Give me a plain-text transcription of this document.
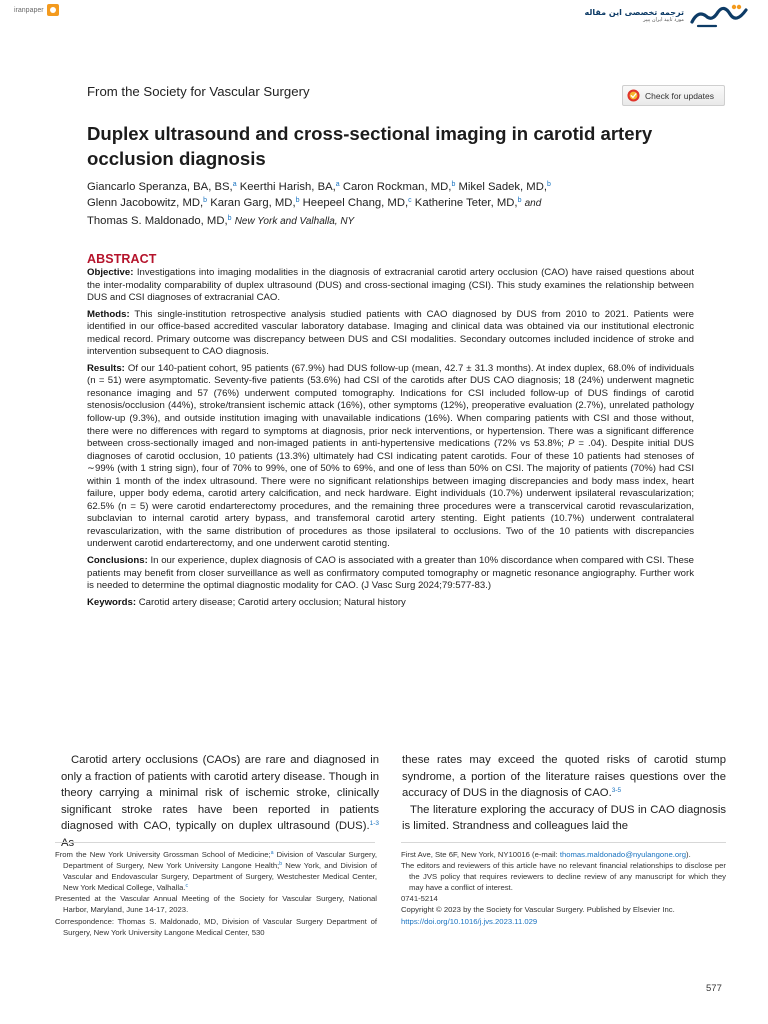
iranpaper	ترجمه تخصصی این مقاله
مورد تایید ایران پیپر
From the Society for Vascular Surgery	Check for updates
Duplex ultrasound and cross-sectional imaging in carotid artery occlusion diagnosis
Giancarlo Speranza, BA, BS,$^a$ Keerthi Harish, BA,$^a$ Caron Rockman, MD,$^b$ Mikel Sadek, MD,$^b$
Glenn Jacobowitz, MD,$^b$ Karan Garg, MD,$^b$ Heepeel Chang, MD,$^c$ Katherine Teter, MD,$^b$ and
Thomas S. Maldonado, MD,$^b$ New York and Valhalla, NY
ABSTRACT

Objective: Investigations into imaging modalities in the diagnosis of extracranial carotid artery occlusion (CAO) have raised questions about the inter-modality comparability of duplex ultrasound (DUS) and cross-sectional imaging (CSI). This study examines the relationship between DUS and CSI diagnoses of extracranial CAO.

Methods: This single-institution retrospective analysis studied patients with CAO diagnosed by DUS from 2010 to 2021. Patients were identified in our office-based accredited vascular laboratory database. Imaging and clinical data was obtained via our institutional electronic medical record. Primary outcome was discrepancy between DUS and CSI modalities. Secondary outcomes included incidence of stroke and intervention subsequent to CAO diagnosis.

Results: Of our 140-patient cohort, 95 patients (67.9%) had DUS follow-up (mean, 42.7 ± 31.3 months). At index duplex, 68.0% of individuals (n = 51) were asymptomatic. Seventy-five patients (53.6%) had CSI of the carotids after DUS CAO diagnosis; 18 (24%) underwent magnetic resonance imaging and 57 (76%) underwent computed tomography. Indications for CSI included follow-up of DUS findings of carotid stenosis/occlusion (44%), stroke/transient ischemic attack (16%), other symptoms (12%), preoperative evaluation (2.7%), unrelated pathology follow-up (9.3%), and outside institution imaging with unavailable indications (16%). When comparing patients with CSI and those without, there were no differences with regard to symptoms at diagnosis, prior neck interventions, or hypertension. There was a significant difference between cross-sectionally imaged and non-imaged patients in anti-hypertensive medications (72% vs 53.8%; P = .04). Despite initial DUS diagnoses of carotid occlusion, 10 patients (13.3%) ultimately had CSI indicating patent carotids. Four of these 10 patients had stenoses of ∼99% (with 1 string sign), four of 70% to 99%, one of 50% to 69%, and one of less than 50% on CSI. The majority of patients (70%) had CSI within 1 month of the index ultrasound. There were no significant relationships between imaging discrepancies and body mass index, heart failure, upper body edema, carotid artery calcification, and neck hardware. Eight individuals (10.7%) underwent ipsilateral revascularization; 62.5% (n = 5) were carotid endarterectomy procedures, and the remaining three procedures were a transcervical carotid revascularization, subclavian to internal carotid artery bypass, and transfemoral carotid artery stenting. Eight patients (10.7%) underwent contralateral revascularization, with the same distribution of procedures as those ipsilateral to occlusions. Two of the 10 patients with discrepancies underwent carotid endarterectomy, and one underwent carotid stenting.

Conclusions: In our experience, duplex diagnosis of CAO is associated with a greater than 10% discordance when compared with CSI. These patients may benefit from closer surveillance as well as confirmatory computed tomography or magnetic resonance angiography. Further work is needed to determine the optimal diagnostic modality for CAO. (J Vasc Surg 2024;79:577-83.)

Keywords: Carotid artery disease; Carotid artery occlusion; Natural history

Carotid artery occlusions (CAOs) are rare and diagnosed in only a fraction of patients with carotid artery disease. Though in theory carrying a minimal risk of ischemic stroke, clinically significant stroke rates have been reported in patients diagnosed with CAO, typically on duplex ultrasound (DUS).$^{1-3}$
these rates may exceed the quoted risks of carotid stump syndrome, a portion of the literature raises questions over the accuracy of DUS in the diagnosis of CAO.$^{3-5}$
The literature exploring the accuracy of DUS in CAO diagnosis is limited. Strandness and colleagues laid the
From the New York University Grossman School of Medicine;$^a$ Division of Vascular Surgery, Department of Surgery, New York University Langone Health;$^b$ New York, and Division of Vascular and Endovascular Surgery, Department of Surgery, Westchester Medical Center, New York Medical College, Valhalla.$^c$
Presented at the Vascular Annual Meeting of the Society for Vascular Surgery, National Harbor, Maryland, June 14-17, 2023.
Correspondence: Thomas S. Maldonado, MD, Division of Vascular Surgery Department of Surgery, New York University Langone Medical Center, 530
First Ave, Ste 6F, New York, NY10016 (e-mail: thomas.maldonado@nyulangone.org).
The editors and reviewers of this article have no relevant financial relationships to disclose per the JVS policy that requires reviewers to decline review of any manuscript for which they may have a conflict of interest.
0741-5214
Copyright © 2023 by the Society for Vascular Surgery. Published by Elsevier Inc.
https://doi.org/10.1016/j.jvs.2023.11.029
577
